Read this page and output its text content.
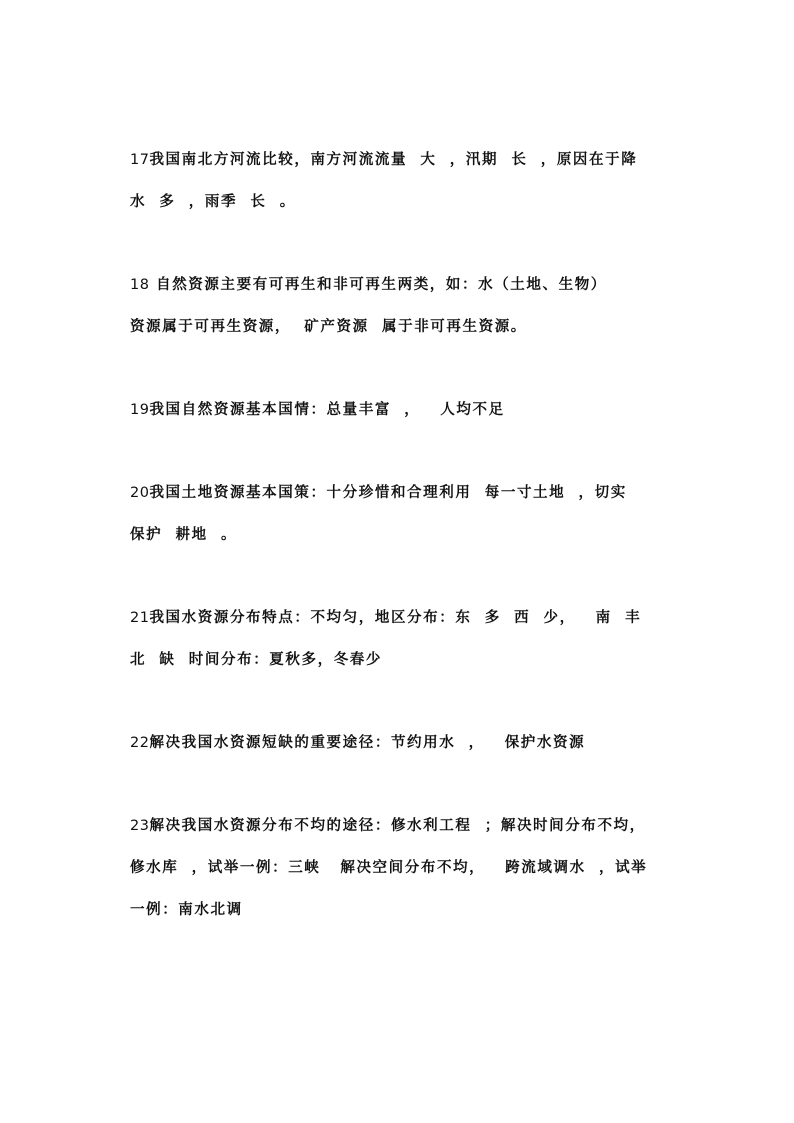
17我国南北方河流比较，南方河流流量  大  ，汛期  长  ，原因在于降
水  多  ，雨季  长  。
18 自然资源主要有可再生和非可再生两类，如：水（土地、生物）
资源属于可再生资源，  矿产资源  属于非可再生资源。
19我国自然资源基本国情：总量丰富  ，   人均不足
20我国土地资源基本国策：十分珍惜和合理利用  每一寸土地  ，切实
保护  耕地  。
21我国水资源分布特点：不均匀，地区分布：东  多  西  少，   南  丰
北  缺  时间分布：夏秋多，冬春少
22解决我国水资源短缺的重要途径：节约用水  ，   保护水资源
23解决我国水资源分布不均的途径：修水利工程  ；解决时间分布不均，
修水库  ，试举一例：三峡   解决空间分布不均，   跨流域调水  ，试举
一例：南水北调
